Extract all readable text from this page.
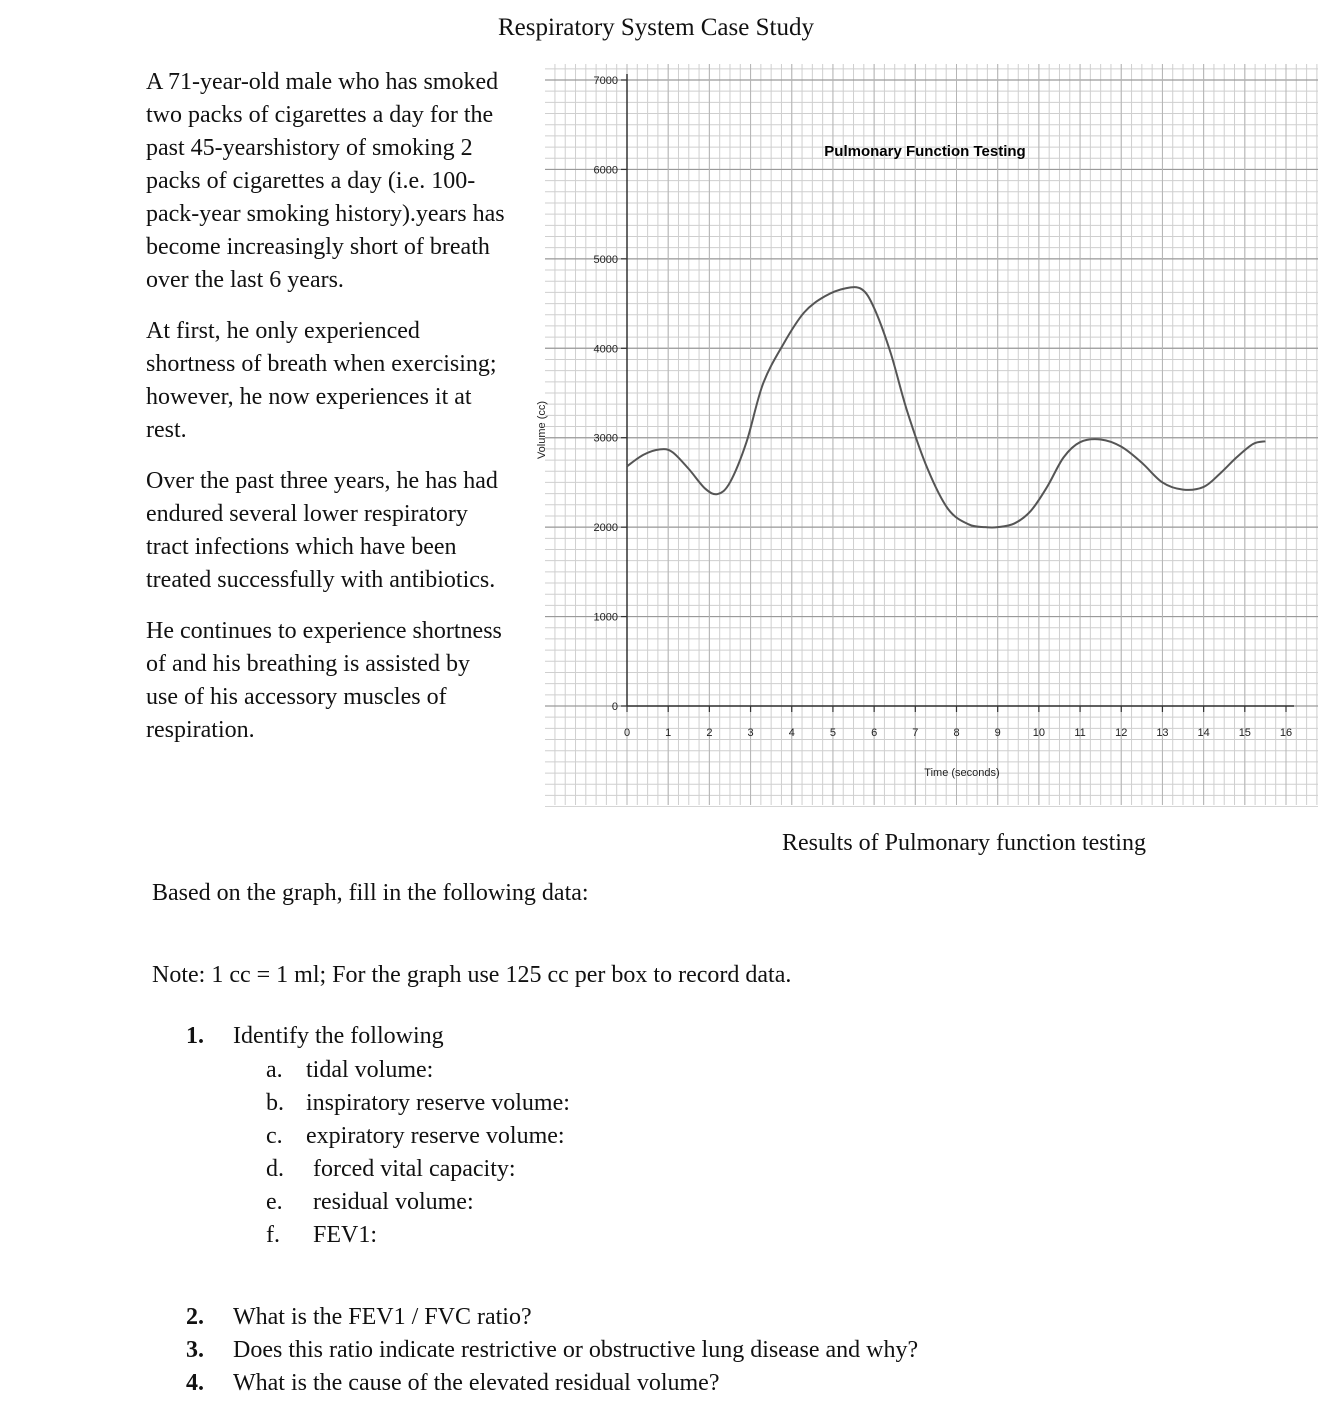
Respiratory System Case Study

A 71-year-old male who has smoked two packs of cigarettes a day for the past 45-yearshistory of smoking 2 packs of cigarettes a day (i.e. 100-pack-year smoking history).years has become increasingly short of breath over the last 6 years.

At first, he only experienced shortness of breath when exercising; however, he now experiences it at rest.

Over the past three years, he has had endured several lower respiratory tract infections which have been treated successfully with antibiotics.

He continues to experience shortness of and his breathing is assisted by use of his accessory muscles of respiration.

0
1000
2000
3000
4000
5000
6000
7000
0	1	2	3	4	5	6	7	8	9	10	11	12	13	14	15	16
Pulmonary Function Testing
Time (seconds)
Volume (cc)
Results of Pulmonary function testing
Based on the graph, fill in the following data:
Note: 1 cc = 1 ml; For the graph use 125 cc per box to record data.
1. Identify the following
a. tidal volume:
b. inspiratory reserve volume:
c. expiratory reserve volume:
d. forced vital capacity:
e. residual volume:
f. FEV1:
2. What is the FEV1 / FVC ratio?
3. Does this ratio indicate restrictive or obstructive lung disease and why?
4. What is the cause of the elevated residual volume?
